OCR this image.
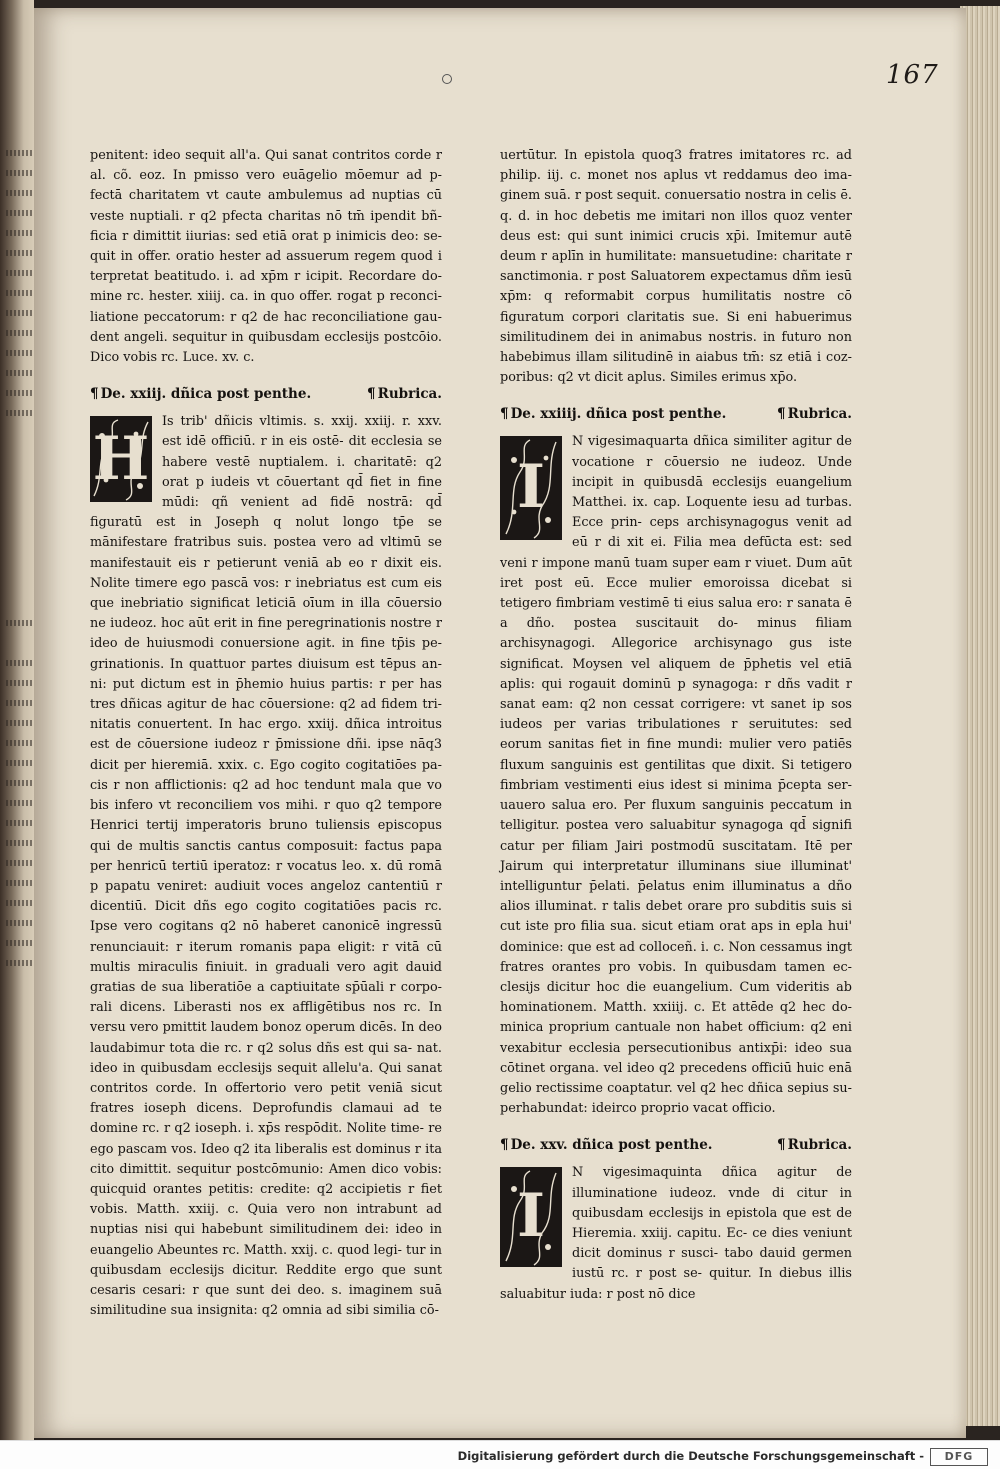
167
penitent: ideo sequit all'a. Qui sanat contritos corde r al. cõ. eoz. In pmisso vero euāgelio mōemur ad p- fectā charitatem vt caute ambulemus ad nuptias cū veste nuptiali. r q2 pfecta charitas nō tm̄ ipendit bñ- ficia r dimittit iiurias: sed etiā orat p inimicis deo: se- quit in offer. oratio hester ad assuerum regem quod i terpretat beatitudo. i. ad xp̄m r icipit. Recordare do- mine rc. hester. xiiij. ca. in quo offer. rogat p reconci- liatione peccatorum: r q2 de hac reconciliatione gau- dent angeli. sequitur in quibusdam ecclesijs postcōio. Dico vobis rc. Luce. xv. c.
¶ De. xxiij. dñica post penthe.	¶ Rubrica.
H
Is trib' dñicis vltimis. s. xxij. xxiij. r. xxv. est idē officiū. r in eis ostē- dit ecclesia se habere vestē nuptialem. i. charitatē: q2 orat p iudeis vt cōuertant qd̄ fiet in fine mūdi: qñ venient ad fidē nostrā: qd̄ figuratū est in Joseph q nolut longo tp̄e se mānifestare fratribus suis. postea vero ad vltimū se manifestauit eis r petierunt veniā ab eo r dixit eis. Nolite timere ego pascā vos: r inebriatus est cum eis que inebriatio significat leticiā oīum in illa cōuersio ne iudeoz. hoc aūt erit in fine peregrinationis nostre r ideo de huiusmodi conuersione agit. in fine tp̄is pe- grinationis. In quattuor partes diuisum est tēpus an- ni: put dictum est in p̄hemio huius partis: r per has tres dñicas agitur de hac cōuersione: q2 ad fidem tri- nitatis conuertent. In hac ergo. xxiij. dñica introitus est de cōuersione iudeoz r p̄missione dñi. ipse nāq3 dicit per hieremiā. xxix. c. Ego cogito cogitatiōes pa- cis r non afflictionis: q2 ad hoc tendunt mala que vo bis infero vt reconciliem vos mihi. r quo q2 tempore Henrici tertij imperatoris bruno tuliensis episcopus qui de multis sanctis cantus composuit: factus papa per henricū tertiū iperatoz: r vocatus leo. x. dū romā p papatu veniret: audiuit voces angeloz cantentiū r dicentiū. Dicit dñs ego cogito cogitatiōes pacis rc. Ipse vero cogitans q2 nō haberet canonicē ingressū renunciauit: r iterum romanis papa eligit: r vitā cū multis miraculis finiuit. in graduali vero agit dauid gratias de sua liberatiōe a captiuitate sp̄ūali r corpo- rali dicens. Liberasti nos ex affligētibus nos rc. In versu vero pmittit laudem bonoz operum dicēs. In deo laudabimur tota die rc. r q2 solus dñs est qui sa- nat. ideo in quibusdam ecclesijs sequit allelu'a. Qui sanat contritos corde. In offertorio vero petit veniā sicut fratres ioseph dicens. Deprofundis clamaui ad te domine rc. r q2 ioseph. i. xp̄s respōdit. Nolite time- re ego pascam vos. Ideo q2 ita liberalis est dominus r ita cito dimittit. sequitur postcōmunio: Amen dico vobis: quicquid orantes petitis: credite: q2 accipietis r fiet vobis. Matth. xxiij. c. Quia vero non intrabunt ad nuptias nisi qui habebunt similitudinem dei: ideo in euangelio Abeuntes rc. Matth. xxij. c. quod legi- tur in quibusdam ecclesijs dicitur. Reddite ergo que sunt cesaris cesari: r que sunt dei deo. s. imaginem suā similitudine sua insignita: q2 omnia ad sibi similia cō-
uertūtur. In epistola quoq3 fratres imitatores rc. ad philip. iij. c. monet nos aplus vt reddamus deo ima- ginem suā. r post sequit. conuersatio nostra in celis ē. q. d. in hoc debetis me imitari non illos quoz venter deus est: qui sunt inimici crucis xp̄i. Imitemur autē deum r aplīn in humilitate: mansuetudine: charitate r sanctimonia. r post Saluatorem expectamus dñm iesū xp̄m: q reformabit corpus humilitatis nostre cō figuratum corpori claritatis sue. Si eni habuerimus similitudinem dei in animabus nostris. in futuro non habebimus illam silitudinē in aiabus tm̄: sz etiā i coz- poribus: q2 vt dicit aplus. Similes erimus xp̄o.
¶ De. xxiiij. dñica post penthe.	¶ Rubrica.
I
N vigesimaquarta dñica similiter agitur de vocatione r cōuersio ne iudeoz. Unde incipit in quibusdā ecclesijs euangelium Matthei. ix. cap. Loquente iesu ad turbas. Ecce prin- ceps archisynagogus venit ad eū r di xit ei. Filia mea defūcta est: sed veni r impone manū tuam super eam r viuet. Dum aūt iret post eū. Ecce mulier emoroissa dicebat si tetigero fimbriam vestimē ti eius salua ero: r sanata ē a dño. postea suscitauit do- minus filiam archisynagogi. Allegorice archisynago gus iste significat. Moysen vel aliquem de p̄phetis vel etiā aplis: qui rogauit dominū p synagoga: r dñs vadit r sanat eam: q2 non cessat corrigere: vt sanet ip sos iudeos per varias tribulationes r seruitutes: sed eorum sanitas fiet in fine mundi: mulier vero patiēs fluxum sanguinis est gentilitas que dixit. Si tetigero fimbriam vestimenti eius idest si minima p̄cepta ser- uauero salua ero. Per fluxum sanguinis peccatum in telligitur. postea vero saluabitur synagoga qd̄ signifi catur per filiam Jairi postmodū suscitatam. Itē per Jairum qui interpretatur illuminans siue illuminat' intelliguntur p̄elati. p̄elatus enim illuminatus a dño alios illuminat. r talis debet orare pro subditis suis si cut iste pro filia sua. sicut etiam orat aps in epla hui' dominice: que est ad colloceñ. i. c. Non cessamus ingt fratres orantes pro vobis. In quibusdam tamen ec- clesijs dicitur hoc die euangelium. Cum videritis ab hominationem. Matth. xxiiij. c. Et attēde q2 hec do- minica proprium cantuale non habet officium: q2 eni vexabitur ecclesia persecutionibus antixp̄i: ideo sua cōtinet organa. vel ideo q2 precedens officiū huic enā gelio rectissime coaptatur. vel q2 hec dñica sepius su- perhabundat: ideirco proprio vacat officio.
¶ De. xxv. dñica post penthe.	¶ Rubrica.
I
N vigesimaquinta dñica agitur de illuminatione iudeoz. vnde di citur in quibusdam ecclesijs in epistola que est de Hieremia. xxiij. capitu. Ec- ce dies veniunt dicit dominus r susci- tabo dauid germen iustū rc. r post se- quitur. In diebus illis saluabitur iuda: r post nō dice
Digitalisierung gefördert durch die Deutsche Forschungsgemeinschaft -	DFG
